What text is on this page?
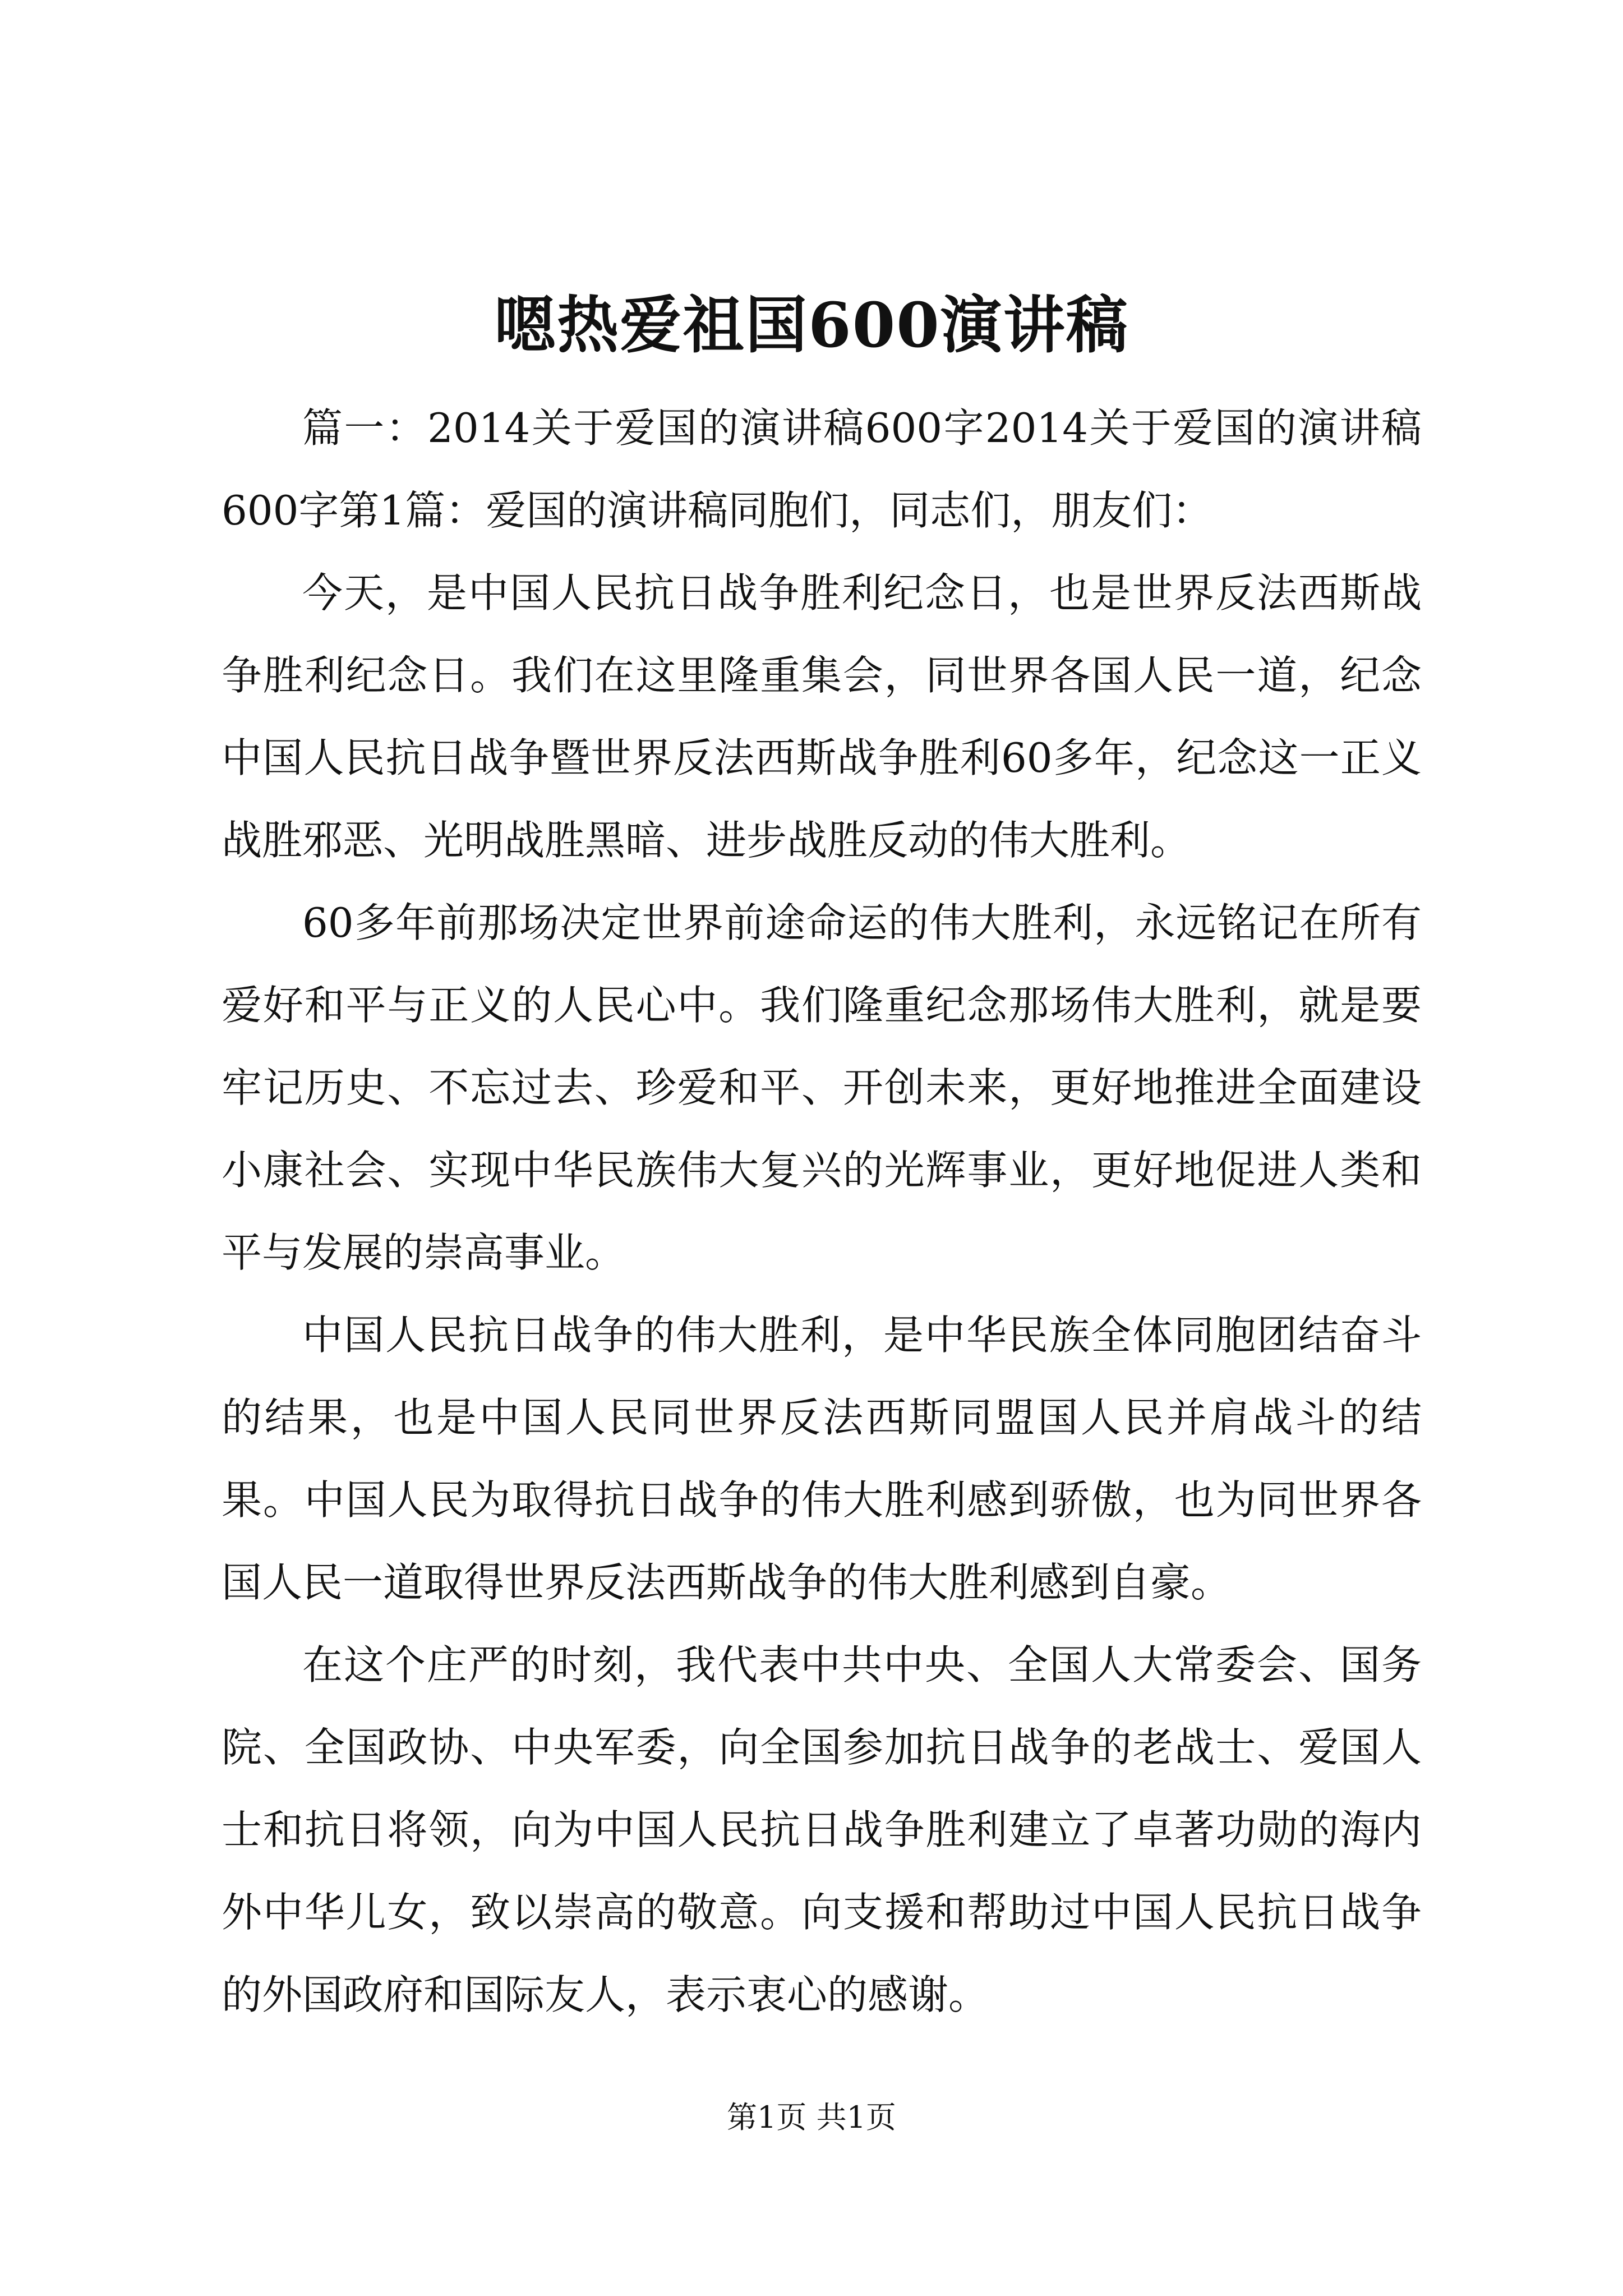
嗯热爱祖国600演讲稿

篇一：2014关于爱国的演讲稿600字2014关于爱国的演讲稿600字第1篇：爱国的演讲稿同胞们，同志们，朋友们：

今天，是中国人民抗日战争胜利纪念日，也是世界反法西斯战争胜利纪念日。我们在这里隆重集会，同世界各国人民一道，纪念中国人民抗日战争暨世界反法西斯战争胜利60多年，纪念这一正义战胜邪恶、光明战胜黑暗、进步战胜反动的伟大胜利。

60多年前那场决定世界前途命运的伟大胜利，永远铭记在所有爱好和平与正义的人民心中。我们隆重纪念那场伟大胜利，就是要牢记历史、不忘过去、珍爱和平、开创未来，更好地推进全面建设小康社会、实现中华民族伟大复兴的光辉事业，更好地促进人类和平与发展的崇高事业。

中国人民抗日战争的伟大胜利，是中华民族全体同胞团结奋斗的结果，也是中国人民同世界反法西斯同盟国人民并肩战斗的结果。中国人民为取得抗日战争的伟大胜利感到骄傲，也为同世界各国人民一道取得世界反法西斯战争的伟大胜利感到自豪。

在这个庄严的时刻，我代表中共中央、全国人大常委会、国务院、全国政协、中央军委，向全国参加抗日战争的老战士、爱国人士和抗日将领，向为中国人民抗日战争胜利建立了卓著功勋的海内外中华儿女，致以崇高的敬意。向支援和帮助过中国人民抗日战争的外国政府和国际友人，表示衷心的感谢。

第1页 共1页
